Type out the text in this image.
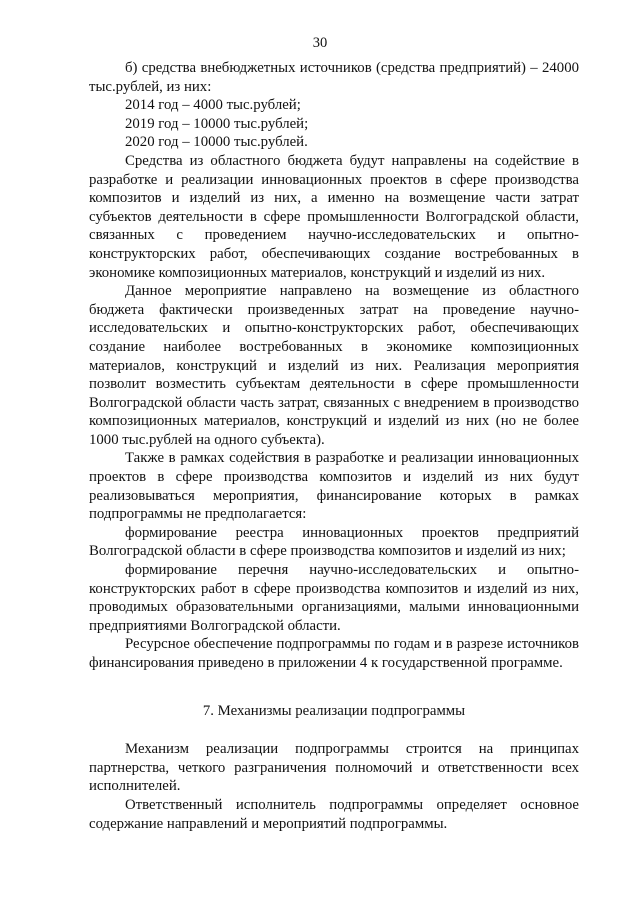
30

б) средства внебюджетных источников (средства предприятий) – 24000 тыс.рублей, из них:

2014 год – 4000 тыс.рублей;

2019 год – 10000 тыс.рублей;

2020 год – 10000 тыс.рублей.

Средства из областного бюджета будут направлены на содействие в разработке и реализации инновационных проектов в сфере производства композитов и изделий из них, а именно на возмещение части затрат субъектов деятельности в сфере промышленности Волгоградской области, связанных с проведением научно-исследовательских и опытно-конструкторских работ, обеспечивающих создание востребованных в экономике композиционных материалов, конструкций и изделий из них.

Данное мероприятие направлено на возмещение из областного бюджета фактически произведенных затрат на проведение научно-исследовательских и опытно-конструкторских работ, обеспечивающих создание наиболее востребованных в экономике композиционных материалов, конструкций и изделий из них. Реализация мероприятия позволит возместить субъектам деятельности в сфере промышленности Волгоградской области часть затрат, связанных с внедрением в производство композиционных материалов, конструкций и изделий из них (но не более 1000 тыс.рублей на одного субъекта).

Также в рамках содействия в разработке и реализации инновационных проектов в сфере производства композитов и изделий из них будут реализовываться мероприятия, финансирование которых в рамках подпрограммы не предполагается:

формирование реестра инновационных проектов предприятий Волгоградской области в сфере производства композитов и изделий из них;

формирование перечня научно-исследовательских и опытно-конструкторских работ в сфере производства композитов и изделий из них, проводимых образовательными организациями, малыми инновационными предприятиями Волгоградской области.

Ресурсное обеспечение подпрограммы по годам и в разрезе источников финансирования приведено в приложении 4 к государственной программе.

7. Механизмы реализации подпрограммы

Механизм реализации подпрограммы строится на принципах партнерства, четкого разграничения полномочий и ответственности всех исполнителей.

Ответственный исполнитель подпрограммы определяет основное содержание направлений и мероприятий подпрограммы.
